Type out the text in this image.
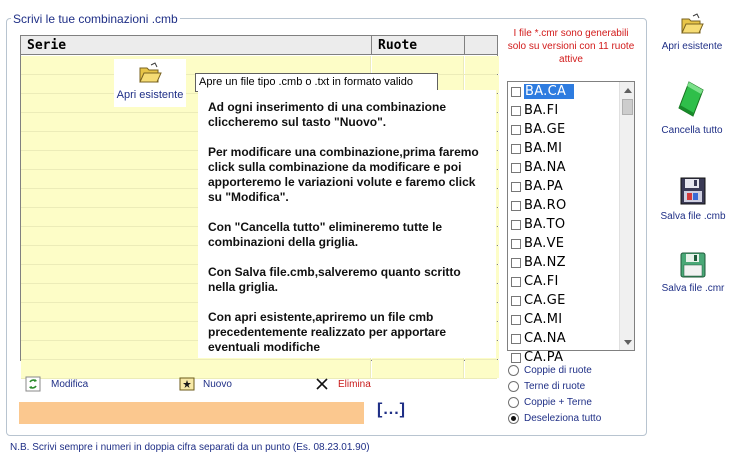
Scrivi le tue combinazioni .cmb
Serie	Ruote
Apri esistente
Apre un file tipo .cmb o .txt in formato valido

Ad ogni inserimento di una combinazione cliccheremo sul tasto "Nuovo".

Per modificare una combinazione,prima faremo click sulla combinazione da modificare e poi apporteremo le variazioni volute e faremo click su "Modifica".

Con "Cancella tutto" elimineremo tutte le combinazioni della griglia.

Con Salva file.cmb,salveremo quanto scritto nella griglia.

Con apri esistente,apriremo un file cmb precedentemente realizzato per apportare eventuali modifiche

I file *.cmr sono generabili solo su versioni con 11 ruote attive
BA.CA
BA.FI
BA.GE
BA.MI
BA.NA
BA.PA
BA.RO
BA.TO
BA.VE
BA.NZ
CA.FI
CA.GE
CA.MI
CA.NA
CA.PA
Coppie di ruote
Terne di ruote
Coppie + Terne
Deseleziona tutto
Modifica	Nuovo	Elimina
[...]
N.B. Scrivi sempre i numeri in doppia cifra separati da un punto (Es. 08.23.01.90)
Apri esistente
Cancella tutto
Salva file .cmb
Salva file .cmr
